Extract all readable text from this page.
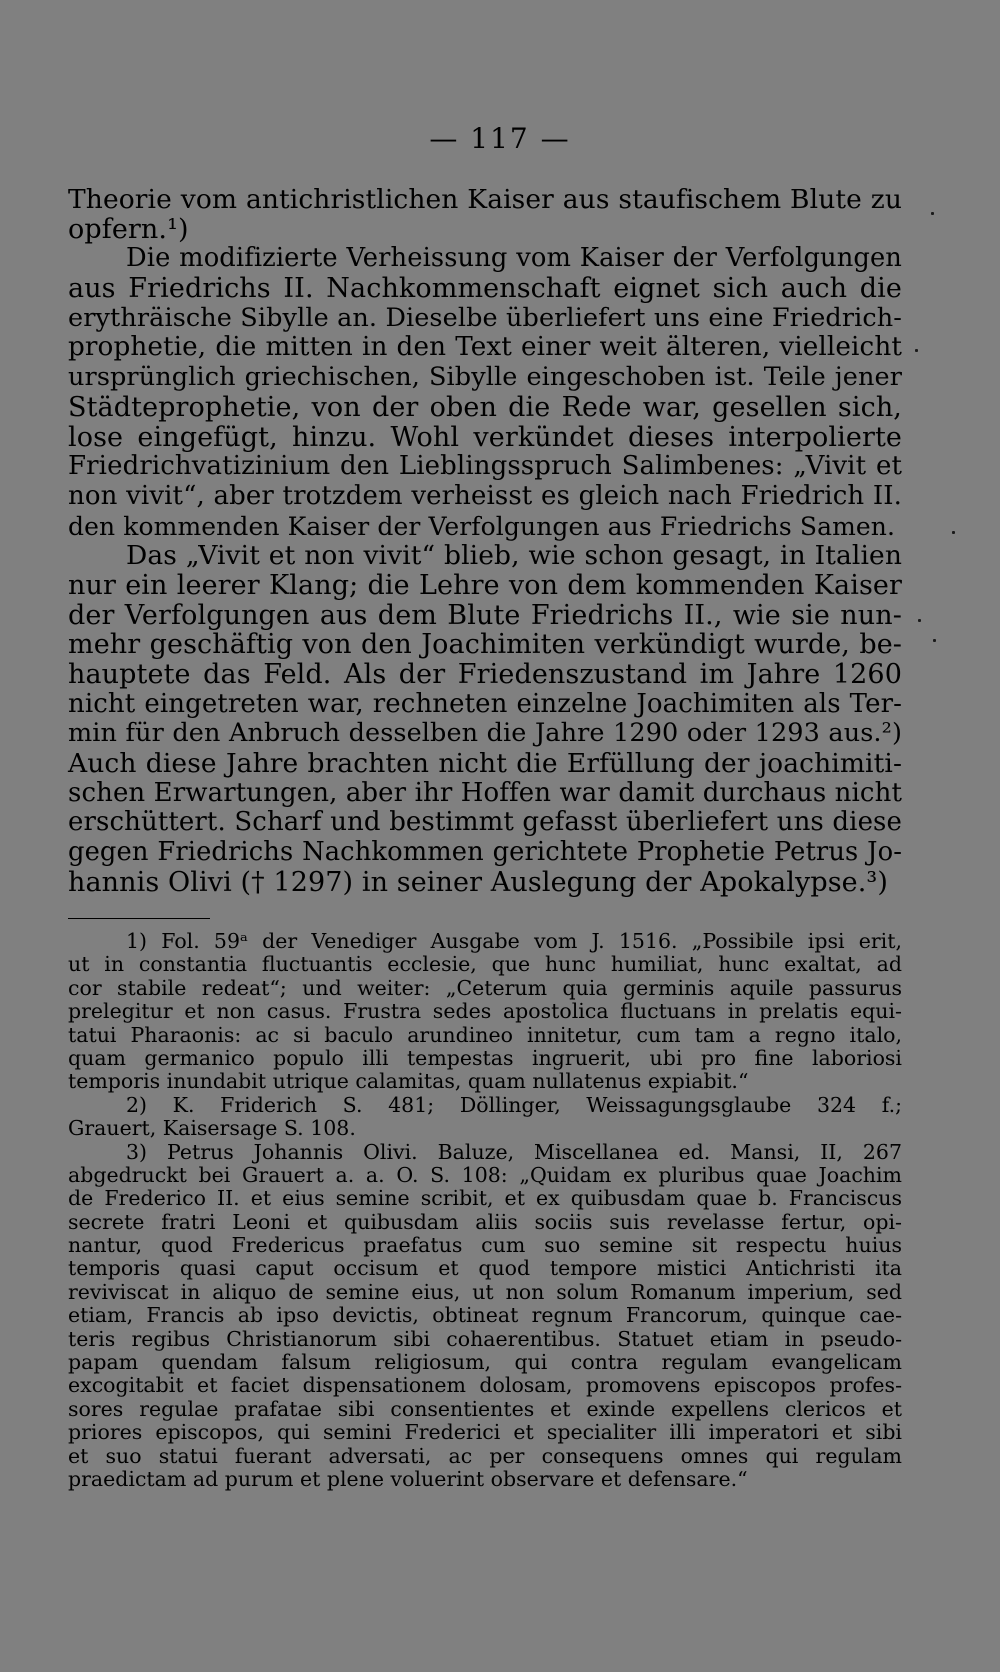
— 117 —
Theorie vom antichristlichen Kaiser aus staufischem Blute zu
opfern.¹)
Die modifizierte Verheissung vom Kaiser der Verfolgungen
aus Friedrichs II. Nachkommenschaft eignet sich auch die
erythräische Sibylle an. Dieselbe überliefert uns eine Friedrich-
prophetie, die mitten in den Text einer weit älteren, vielleicht
ursprünglich griechischen, Sibylle eingeschoben ist. Teile jener
Städteprophetie, von der oben die Rede war, gesellen sich,
lose eingefügt, hinzu. Wohl verkündet dieses interpolierte
Friedrichvatizinium den Lieblingsspruch Salimbenes: „Vivit et
non vivit“, aber trotzdem verheisst es gleich nach Friedrich II.
den kommenden Kaiser der Verfolgungen aus Friedrichs Samen.
Das „Vivit et non vivit“ blieb, wie schon gesagt, in Italien
nur ein leerer Klang; die Lehre von dem kommenden Kaiser
der Verfolgungen aus dem Blute Friedrichs II., wie sie nun-
mehr geschäftig von den Joachimiten verkündigt wurde, be-
hauptete das Feld. Als der Friedenszustand im Jahre 1260
nicht eingetreten war, rechneten einzelne Joachimiten als Ter-
min für den Anbruch desselben die Jahre 1290 oder 1293 aus.²)
Auch diese Jahre brachten nicht die Erfüllung der joachimiti-
schen Erwartungen, aber ihr Hoffen war damit durchaus nicht
erschüttert. Scharf und bestimmt gefasst überliefert uns diese
gegen Friedrichs Nachkommen gerichtete Prophetie Petrus Jo-
hannis Olivi († 1297) in seiner Auslegung der Apokalypse.³)
1) Fol. 59ᵃ der Venediger Ausgabe vom J. 1516. „Possibile ipsi erit,
ut in constantia fluctuantis ecclesie, que hunc humiliat, hunc exaltat, ad
cor stabile redeat“; und weiter: „Ceterum quia germinis aquile passurus
prelegitur et non casus. Frustra sedes apostolica fluctuans in prelatis equi-
tatui Pharaonis: ac si baculo arundineo innitetur, cum tam a regno italo,
quam germanico populo illi tempestas ingruerit, ubi pro fine laboriosi
temporis inundabit utrique calamitas, quam nullatenus expiabit.“
2) K. Friderich S. 481; Döllinger, Weissagungsglaube 324 f.;
Grauert, Kaisersage S. 108.
3) Petrus Johannis Olivi. Baluze, Miscellanea ed. Mansi, II, 267
abgedruckt bei Grauert a. a. O. S. 108: „Quidam ex pluribus quae Joachim
de Frederico II. et eius semine scribit, et ex quibusdam quae b. Franciscus
secrete fratri Leoni et quibusdam aliis sociis suis revelasse fertur, opi-
nantur, quod Fredericus praefatus cum suo semine sit respectu huius
temporis quasi caput occisum et quod tempore mistici Antichristi ita
reviviscat in aliquo de semine eius, ut non solum Romanum imperium, sed
etiam, Francis ab ipso devictis, obtineat regnum Francorum, quinque cae-
teris regibus Christianorum sibi cohaerentibus. Statuet etiam in pseudo-
papam quendam falsum religiosum, qui contra regulam evangelicam
excogitabit et faciet dispensationem dolosam, promovens episcopos profes-
sores regulae prafatae sibi consentientes et exinde expellens clericos et
priores episcopos, qui semini Frederici et specialiter illi imperatori et sibi
et suo statui fuerant adversati, ac per consequens omnes qui regulam
praedictam ad purum et plene voluerint observare et defensare.“
